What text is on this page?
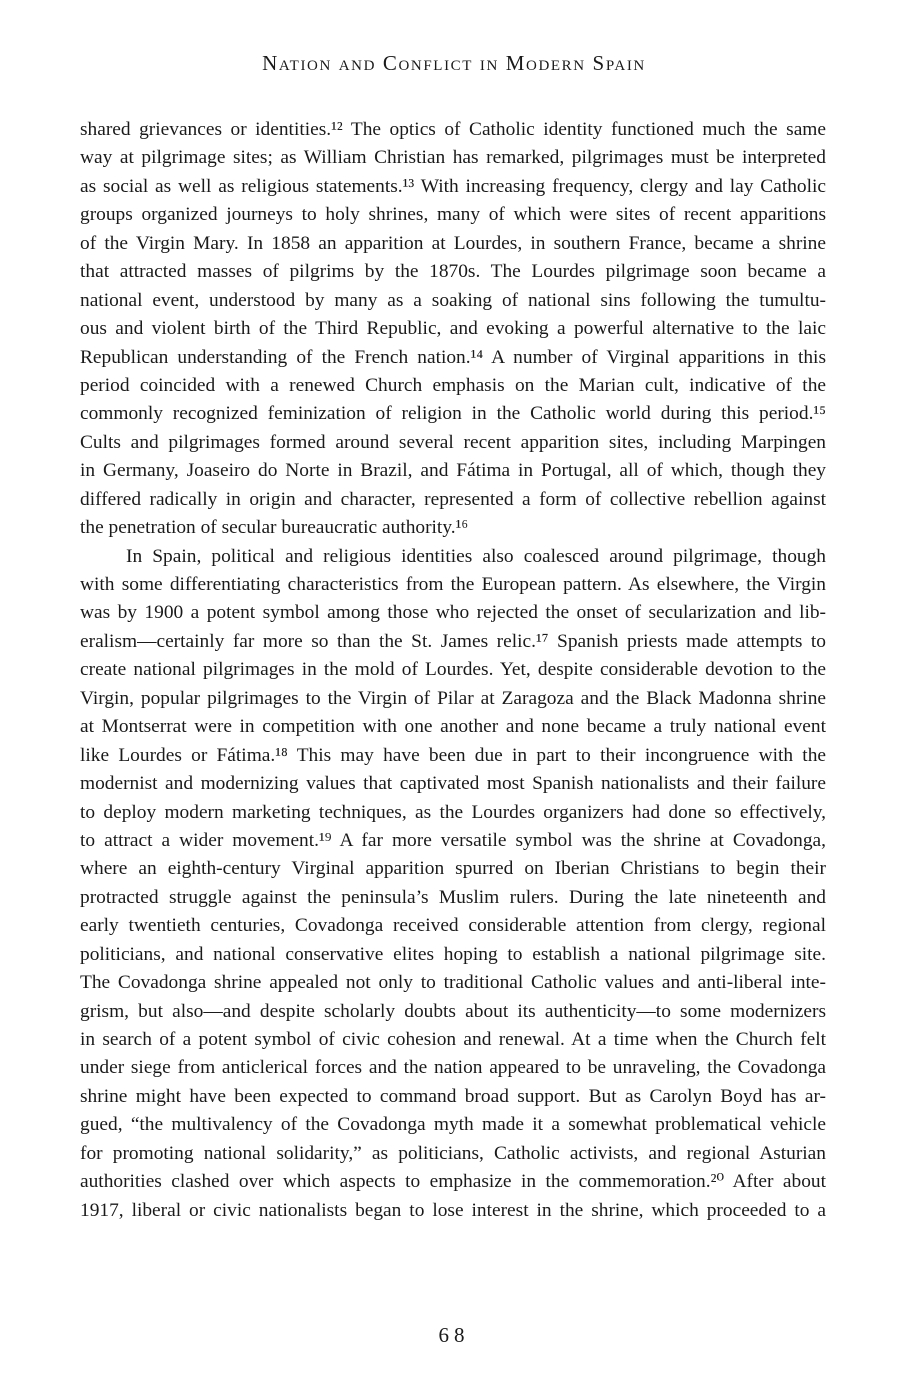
Nation and Conflict in Modern Spain
shared grievances or identities.¹² The optics of Catholic identity functioned much the same
way at pilgrimage sites; as William Christian has remarked, pilgrimages must be interpreted
as social as well as religious statements.¹³ With increasing frequency, clergy and lay Catholic
groups organized journeys to holy shrines, many of which were sites of recent apparitions
of the Virgin Mary. In 1858 an apparition at Lourdes, in southern France, became a shrine
that attracted masses of pilgrims by the 1870s. The Lourdes pilgrimage soon became a
national event, understood by many as a soaking of national sins following the tumultu-
ous and violent birth of the Third Republic, and evoking a powerful alternative to the laic
Republican understanding of the French nation.¹⁴ A number of Virginal apparitions in this
period coincided with a renewed Church emphasis on the Marian cult, indicative of the
commonly recognized feminization of religion in the Catholic world during this period.¹⁵
Cults and pilgrimages formed around several recent apparition sites, including Marpingen
in Germany, Joaseiro do Norte in Brazil, and Fátima in Portugal, all of which, though they
differed radically in origin and character, represented a form of collective rebellion against
the penetration of secular bureaucratic authority.¹⁶
In Spain, political and religious identities also coalesced around pilgrimage, though
with some differentiating characteristics from the European pattern. As elsewhere, the Virgin
was by 1900 a potent symbol among those who rejected the onset of secularization and lib-
eralism—certainly far more so than the St. James relic.¹⁷ Spanish priests made attempts to
create national pilgrimages in the mold of Lourdes. Yet, despite considerable devotion to the
Virgin, popular pilgrimages to the Virgin of Pilar at Zaragoza and the Black Madonna shrine
at Montserrat were in competition with one another and none became a truly national event
like Lourdes or Fátima.¹⁸ This may have been due in part to their incongruence with the
modernist and modernizing values that captivated most Spanish nationalists and their failure
to deploy modern marketing techniques, as the Lourdes organizers had done so effectively,
to attract a wider movement.¹⁹ A far more versatile symbol was the shrine at Covadonga,
where an eighth-century Virginal apparition spurred on Iberian Christians to begin their
protracted struggle against the peninsula’s Muslim rulers. During the late nineteenth and
early twentieth centuries, Covadonga received considerable attention from clergy, regional
politicians, and national conservative elites hoping to establish a national pilgrimage site.
The Covadonga shrine appealed not only to traditional Catholic values and anti-liberal inte-
grism, but also—and despite scholarly doubts about its authenticity—to some modernizers
in search of a potent symbol of civic cohesion and renewal. At a time when the Church felt
under siege from anticlerical forces and the nation appeared to be unraveling, the Covadonga
shrine might have been expected to command broad support. But as Carolyn Boyd has ar-
gued, “the multivalency of the Covadonga myth made it a somewhat problematical vehicle
for promoting national solidarity,” as politicians, Catholic activists, and regional Asturian
authorities clashed over which aspects to emphasize in the commemoration.²⁰ After about
1917, liberal or civic nationalists began to lose interest in the shrine, which proceeded to a
68
